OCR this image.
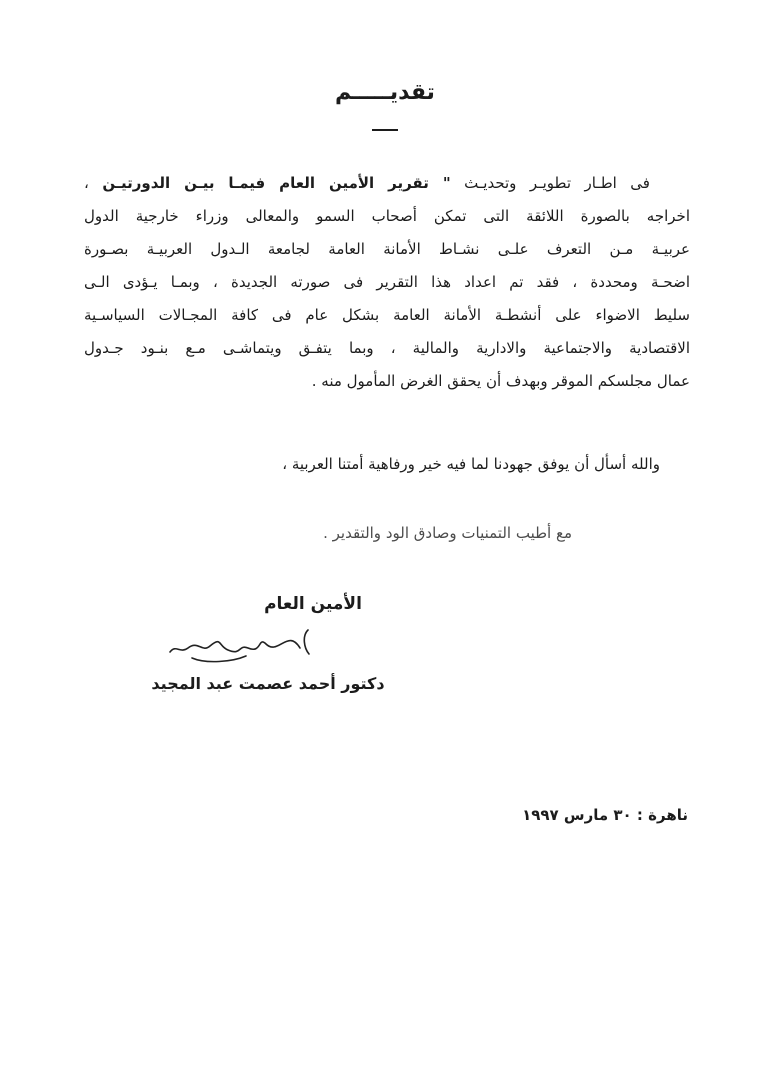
تقديـــــم
فى اطـار تطويـر وتحديـث " تقرير الأمين العام فيمـا بيـن الدورتيـن ،
اخراجه بالصورة اللائقة التى تمكن أصحاب السمو والمعالى وزراء خارجية الدول
عربيـة مـن التعرف علـى نشـاط الأمانة العامة لجامعة الـدول العربيـة بصـورة
اضحـة ومحددة ، فقد تم اعداد هذا التقرير فى صورته الجديدة ، وبمـا يـؤدى الـى
سليط الاضواء على أنشطـة الأمانة العامة بشكل عام فى كافة المجـالات السياسـية
الاقتصادية والاجتماعية والادارية والمالية ، وبما يتفـق ويتماشـى مـع بنـود جـدول
عمال مجلسكم الموقر وبهدف أن يحقق الغرض المأمول منه .
والله أسأل أن يوفق جهودنا لما فيه خير ورفاهية أمتنا العربية ،
مع أطيب التمنيات وصادق الود والتقدير .
الأمين العام
دكتور أحمد عصمت عبد المجيد
ناهرة : ٣٠ مارس ١٩٩٧
